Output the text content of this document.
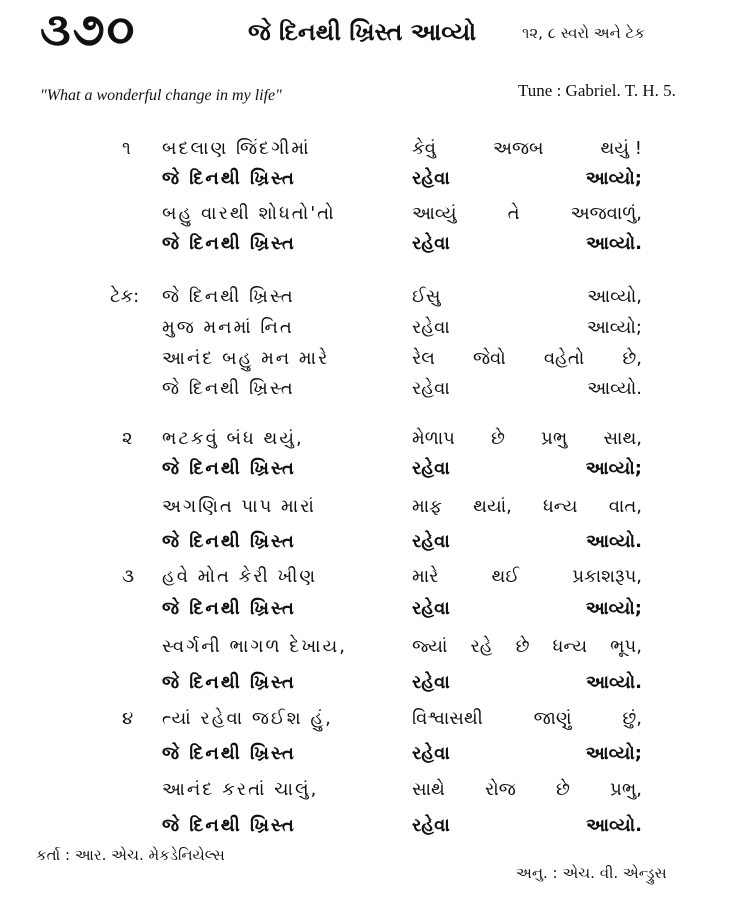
૩૭૦	જે દિનથી ખ્રિસ્ત આવ્યો	૧૨, ૮ સ્વરો અને ટેક
"What a wonderful change in my life"	Tune : Gabriel. T. H. 5.
૧ બદલાણ જિંદગીમાં	કેવું	અજબ	થયું !
જે દિનથી ખ્રિસ્ત	રહેવા	આવ્યો;
બહુ વારથી શોધતો'તો	આવ્યું	તે	અજવાળું,
જે દિનથી ખ્રિસ્ત	રહેવા	આવ્યો.
ટેક: જે દિનથી ખ્રિસ્ત	ઈસુ	આવ્યો,
મુજ મનમાં નિત	રહેવા	આવ્યો;
આનંદ બહુ મન મારે	રેલ જેવો વહેતો છે,
જે દિનથી ખ્રિસ્ત	રહેવા	આવ્યો.
૨ ભટકવું બંધ થયું,	મેળાપ છે પ્રભુ સાથ,
જે દિનથી ખ્રિસ્ત	રહેવા	આવ્યો;
અગણિત પાપ મારાં	માફ થયાં, ધન્ય વાત,
જે દિનથી ખ્રિસ્ત	રહેવા	આવ્યો.
૩ હવે મોત કેરી ખીણ	મારે	થઈ	પ્રકાશરૂપ,
જે દિનથી ખ્રિસ્ત	રહેવા	આવ્યો;
સ્વર્ગની ભાગળ દેખાય,	જ્યાં રહે છે ધન્ય ભૂપ,
જે દિનથી ખ્રિસ્ત	રહેવા	આવ્યો.
૪ ત્યાં રહેવા જઈશ હું,	વિશ્વાસથી	જાણું	છું,
જે દિનથી ખ્રિસ્ત	રહેવા	આવ્યો;
આનંદ કરતાં ચાલું,	સાથે રોજ છે પ્રભુ,
જે દિનથી ખ્રિસ્ત	રહેવા	આવ્યો.
કર્તા : આર. એચ. મેકડેનિયેલ્સ
અનુ. : એચ. વી. એન્ડ્રુસ
